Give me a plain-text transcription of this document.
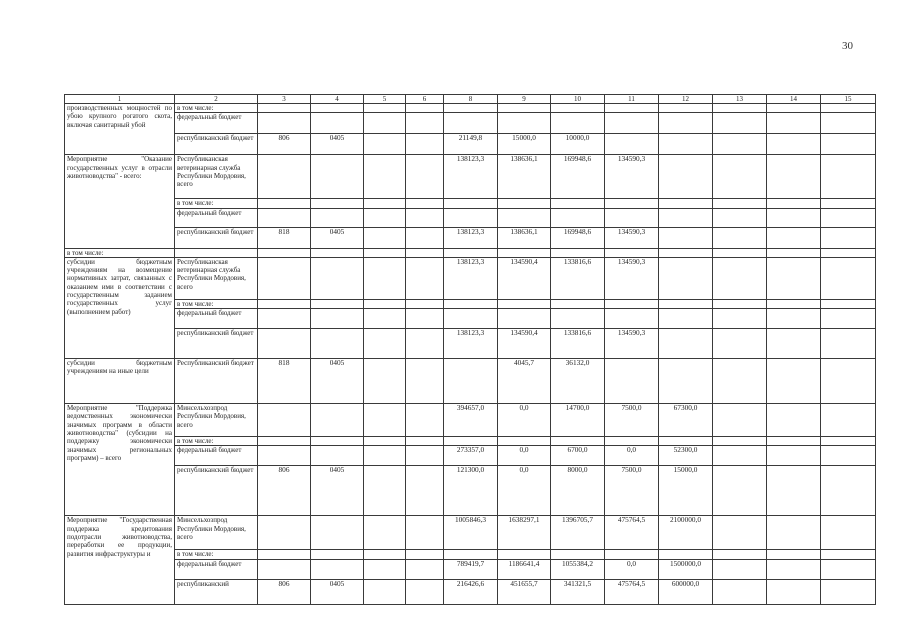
30
1	2	3	4	5	6	8	9	10	11	12	13	14	15
производственных мощностей по убою крупного рогатого скота, включая санитарный убой	в том числе:												
	федеральный бюджет												
	республиканский бюджет	806	0405			21149,8	15000,0	10000,0					
Мероприятие "Оказание государственных услуг в отрасли животноводства" - всего:	Республиканская ветеринарная служба Республики Мордовия, всего					138123,3	138636,1	169948,6	134590,3				
	в том числе:												
	федеральный бюджет												
	республиканский бюджет	818	0405			138123,3	138636,1	169948,6	134590,3				
в том числе:													
субсидии бюджетным учреждениям на возмещение нормативных затрат, связанных с оказанием ими в соответствии с государственным заданием государственных услуг (выполнением работ)	Республиканская ветеринарная служба Республики Мордовия, всего					138123,3	134590,4	133816,6	134590,3				
	в том числе:												
	федеральный бюджет												
	республиканский бюджет					138123,3	134590,4	133816,6	134590,3				
субсидии бюджетным учреждениям на иные цели	Республиканский бюджет	818	0405				4045,7	36132,0					
Мероприятие "Поддержка ведомственных экономически значимых программ в области животноводства" (субсидии на поддержку экономически значимых региональных программ) – всего	Минсельхозпрод Республики Мордовия, всего					394657,0	0,0	14700,0	7500,0	67300,0			
	в том числе:												
	федеральный бюджет					273357,0	0,0	6700,0	0,0	52300,0			
	республиканский бюджет	806	0405			121300,0	0,0	8000,0	7500,0	15000,0			
Мероприятие "Государственная поддержка кредитования подотрасли животноводства, переработки ее продукции, развития инфраструктуры и	Минсельхозпрод Республики Мордовия, всего					1005846,3	1638297,1	1396705,7	475764,5	2100000,0			
	в том числе:												
	федеральный бюджет					789419,7	1186641,4	1055384,2	0,0	1500000,0			
	республиканский	806	0405			216426,6	451655,7	341321,5	475764,5	600000,0			
